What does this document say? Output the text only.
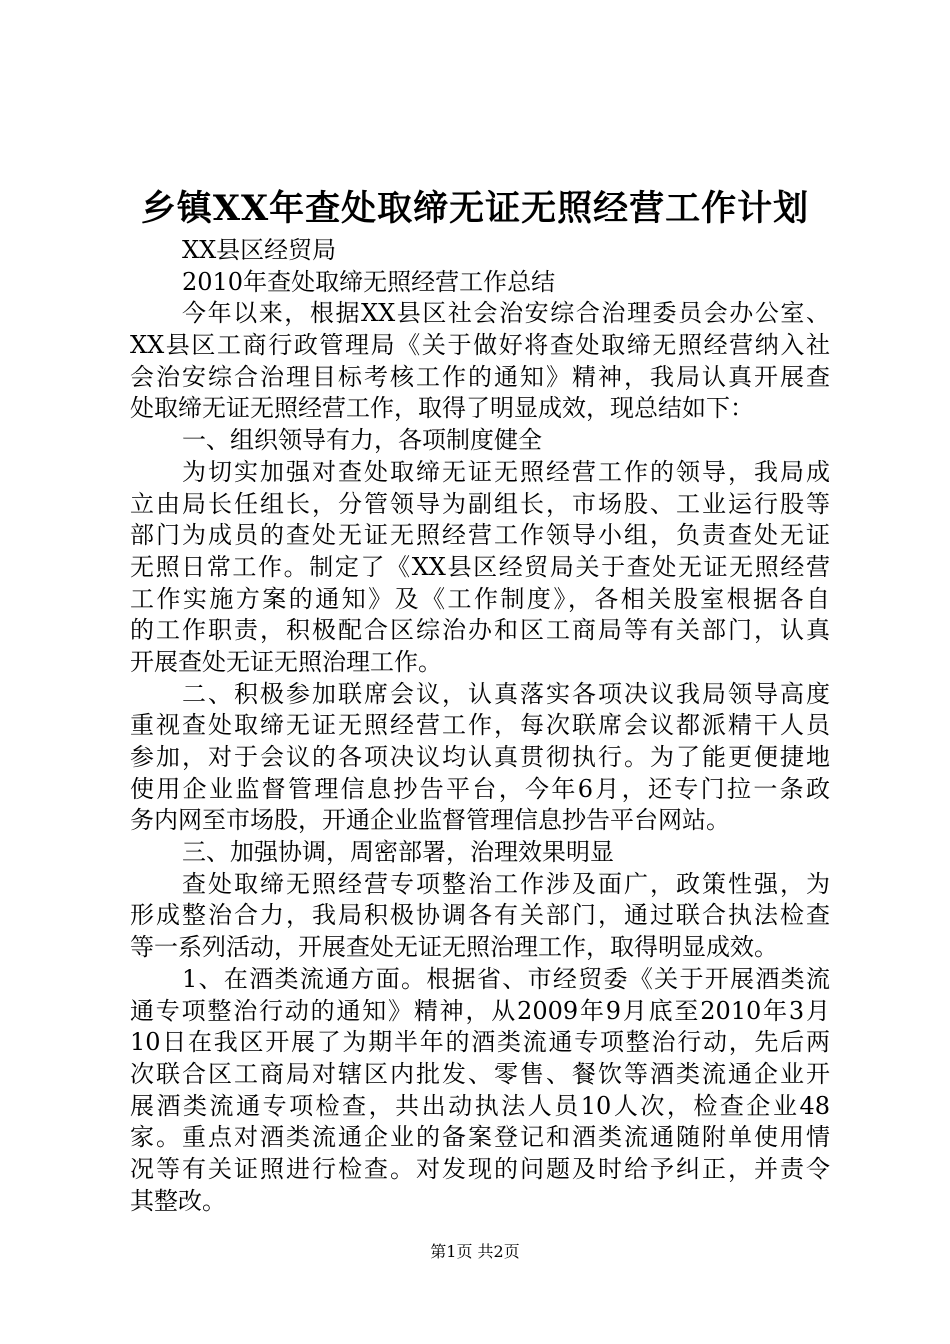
乡镇XX年查处取缔无证无照经营工作计划
XX县区经贸局
2010年查处取缔无照经营工作总结
今年以来，根据XX县区社会治安综合治理委员会办公室、
XX县区工商行政管理局《关于做好将查处取缔无照经营纳入社
会治安综合治理目标考核工作的通知》精神，我局认真开展查
处取缔无证无照经营工作，取得了明显成效，现总结如下：
一、组织领导有力，各项制度健全
为切实加强对查处取缔无证无照经营工作的领导，我局成
立由局长任组长，分管领导为副组长，市场股、工业运行股等
部门为成员的查处无证无照经营工作领导小组，负责查处无证
无照日常工作。制定了《XX县区经贸局关于查处无证无照经营
工作实施方案的通知》及《工作制度》，各相关股室根据各自
的工作职责，积极配合区综治办和区工商局等有关部门，认真
开展查处无证无照治理工作。
二、积极参加联席会议，认真落实各项决议我局领导高度
重视查处取缔无证无照经营工作，每次联席会议都派精干人员
参加，对于会议的各项决议均认真贯彻执行。为了能更便捷地
使用企业监督管理信息抄告平台，今年6月，还专门拉一条政
务内网至市场股，开通企业监督管理信息抄告平台网站。
三、加强协调，周密部署，治理效果明显
查处取缔无照经营专项整治工作涉及面广，政策性强，为
形成整治合力，我局积极协调各有关部门，通过联合执法检查
等一系列活动，开展查处无证无照治理工作，取得明显成效。
1、在酒类流通方面。根据省、市经贸委《关于开展酒类流
通专项整治行动的通知》精神，从2009年9月底至2010年3月
10日在我区开展了为期半年的酒类流通专项整治行动，先后两
次联合区工商局对辖区内批发、零售、餐饮等酒类流通企业开
展酒类流通专项检查，共出动执法人员10人次，检查企业48
家。重点对酒类流通企业的备案登记和酒类流通随附单使用情
况等有关证照进行检查。对发现的问题及时给予纠正，并责令
其整改。
第1页 共2页
